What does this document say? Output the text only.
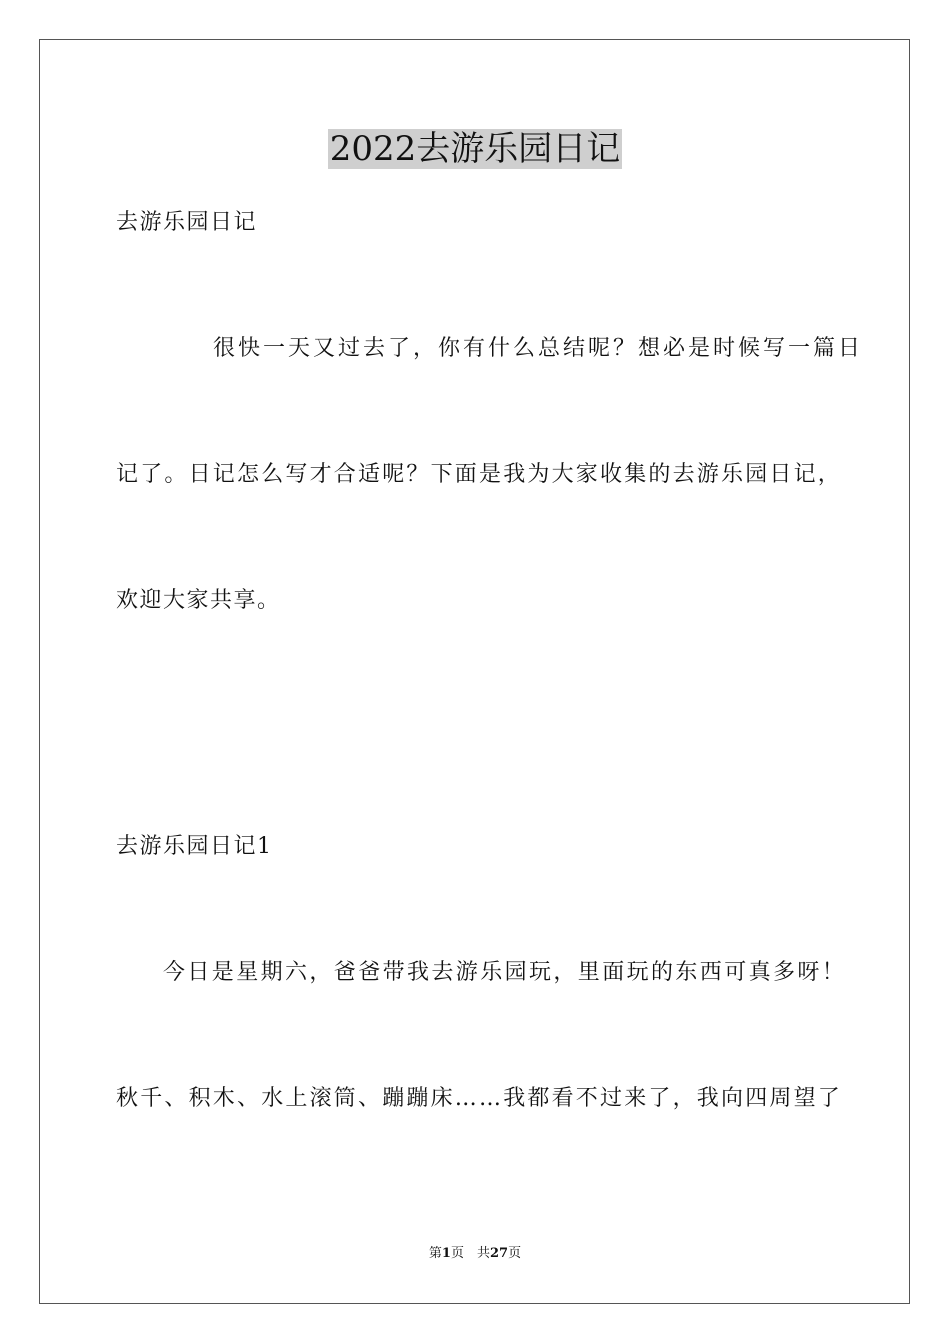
2022去游乐园日记
去游乐园日记
很快一天又过去了，你有什么总结呢？想必是时候写一篇日
记了。日记怎么写才合适呢？下面是我为大家收集的去游乐园日记，
欢迎大家共享。
去游乐园日记1
今日是星期六，爸爸带我去游乐园玩，里面玩的东西可真多呀！
秋千、积木、水上滚筒、蹦蹦床……我都看不过来了，我向四周望了
第1页　共27页
